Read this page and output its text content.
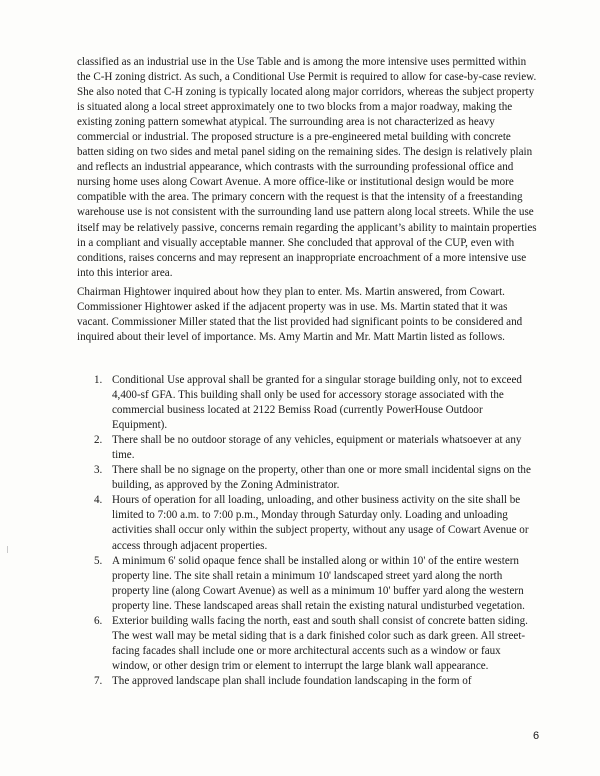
classified as an industrial use in the Use Table and is among the more intensive uses permitted within the C-H zoning district. As such, a Conditional Use Permit is required to allow for case-by-case review. She also noted that C-H zoning is typically located along major corridors, whereas the subject property is situated along a local street approximately one to two blocks from a major roadway, making the existing zoning pattern somewhat atypical. The surrounding area is not characterized as heavy commercial or industrial. The proposed structure is a pre-engineered metal building with concrete batten siding on two sides and metal panel siding on the remaining sides. The design is relatively plain and reflects an industrial appearance, which contrasts with the surrounding professional office and nursing home uses along Cowart Avenue. A more office-like or institutional design would be more compatible with the area. The primary concern with the request is that the intensity of a freestanding warehouse use is not consistent with the surrounding land use pattern along local streets. While the use itself may be relatively passive, concerns remain regarding the applicant’s ability to maintain properties in a compliant and visually acceptable manner. She concluded that approval of the CUP, even with conditions, raises concerns and may represent an inappropriate encroachment of a more intensive use into this interior area.

Chairman Hightower inquired about how they plan to enter. Ms. Martin answered, from Cowart. Commissioner Hightower asked if the adjacent property was in use. Ms. Martin stated that it was vacant. Commissioner Miller stated that the list provided had significant points to be considered and inquired about their level of importance. Ms. Amy Martin and Mr. Matt Martin listed as follows.

1. Conditional Use approval shall be granted for a singular storage building only, not to exceed 4,400-sf GFA. This building shall only be used for accessory storage associated with the commercial business located at 2122 Bemiss Road (currently PowerHouse Outdoor Equipment).
2. There shall be no outdoor storage of any vehicles, equipment or materials whatsoever at any time.
3. There shall be no signage on the property, other than one or more small incidental signs on the building, as approved by the Zoning Administrator.
4. Hours of operation for all loading, unloading, and other business activity on the site shall be limited to 7:00 a.m. to 7:00 p.m., Monday through Saturday only. Loading and unloading activities shall occur only within the subject property, without any usage of Cowart Avenue or access through adjacent properties.
5. A minimum 6' solid opaque fence shall be installed along or within 10' of the entire western property line. The site shall retain a minimum 10' landscaped street yard along the north property line (along Cowart Avenue) as well as a minimum 10' buffer yard along the western property line. These landscaped areas shall retain the existing natural undisturbed vegetation.
6. Exterior building walls facing the north, east and south shall consist of concrete batten siding. The west wall may be metal siding that is a dark finished color such as dark green. All street-facing facades shall include one or more architectural accents such as a window or faux window, or other design trim or element to interrupt the large blank wall appearance.
7. The approved landscape plan shall include foundation landscaping in the form of
6
